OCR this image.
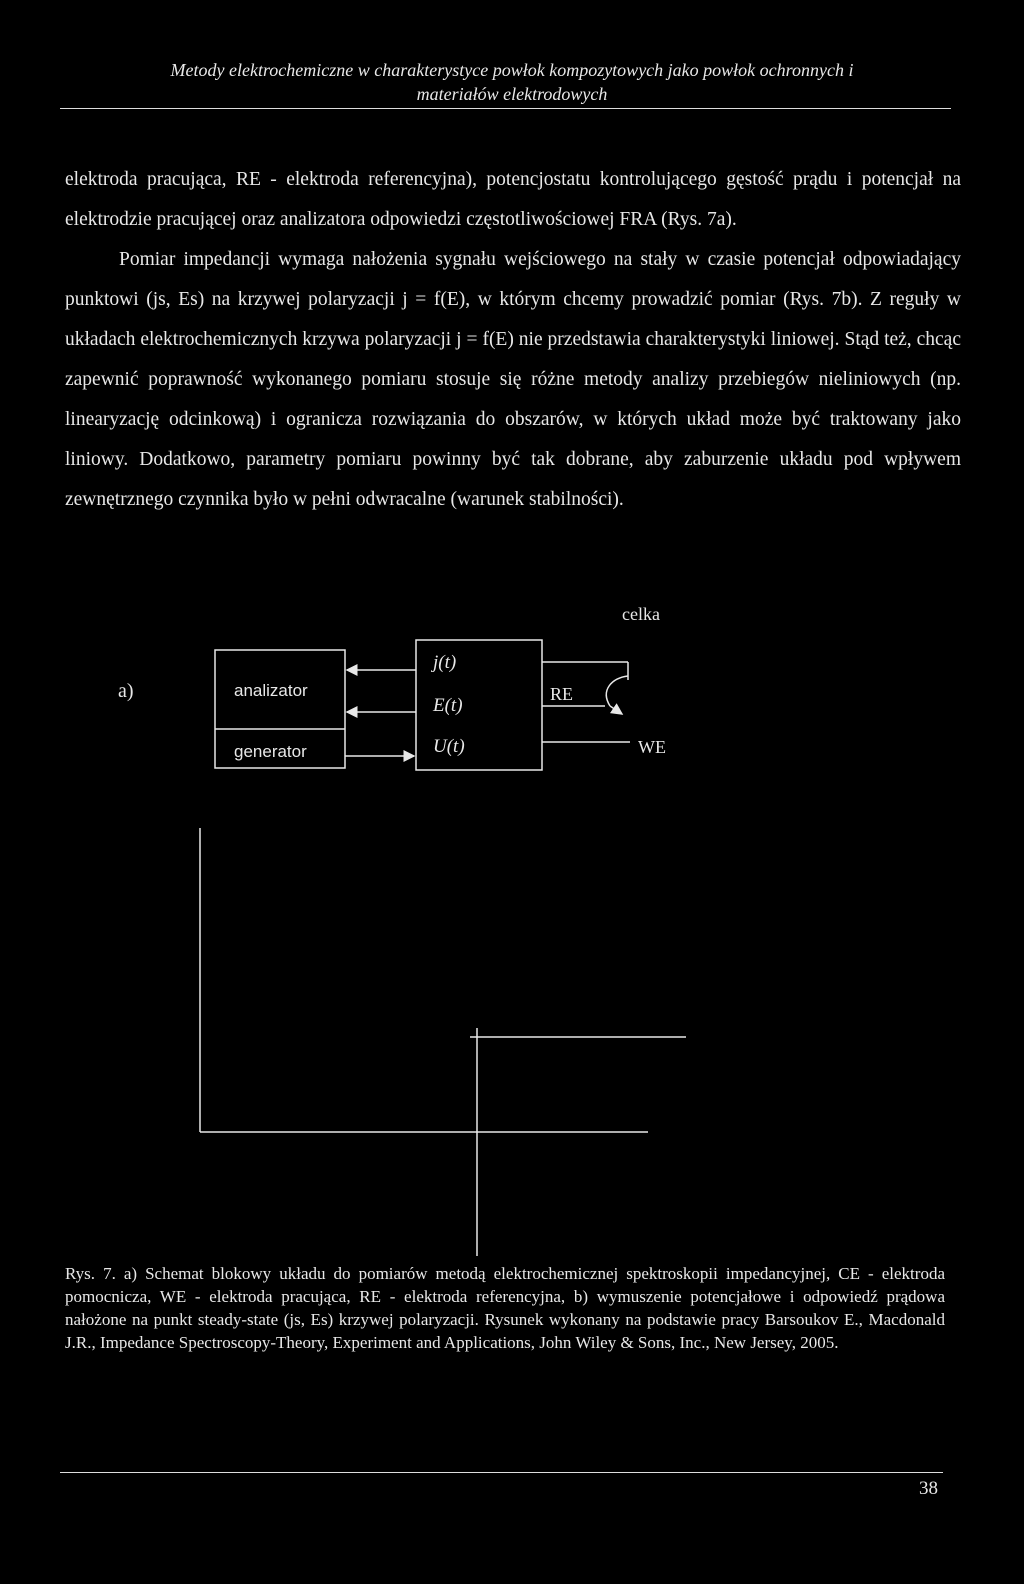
Metody elektrochemiczne w charakterystyce powłok kompozytowych jako powłok ochronnych i
materiałów elektrodowych

elektroda pracująca, RE - elektroda referencyjna), potencjostatu kontrolującego gęstość prądu i potencjał na elektrodzie pracującej oraz analizatora odpowiedzi częstotliwościowej FRA (Rys. 7a).

Pomiar impedancji wymaga nałożenia sygnału wejściowego na stały w czasie potencjał odpowiadający punktowi (js, Es) na krzywej polaryzacji j = f(E), w którym chcemy prowadzić pomiar (Rys. 7b). Z reguły w układach elektrochemicznych krzywa polaryzacji j = f(E) nie przedstawia charakterystyki liniowej. Stąd też, chcąc zapewnić poprawność wykonanego pomiaru stosuje się różne metody analizy przebiegów nieliniowych (np. linearyzację odcinkową) i ogranicza rozwiązania do obszarów, w których układ może być traktowany jako liniowy. Dodatkowo, parametry pomiaru powinny być tak dobrane, aby zaburzenie układu pod wpływem zewnętrznego czynnika było w pełni odwracalne (warunek stabilności).

a)
celka
analizator
generator
j(t)
E(t)
U(t)
RE
WE
Rys. 7. a) Schemat blokowy układu do pomiarów metodą elektrochemicznej spektroskopii impedancyjnej, CE - elektroda pomocnicza, WE - elektroda pracująca, RE - elektroda referencyjna, b) wymuszenie potencjałowe i odpowiedź prądowa nałożone na punkt steady-state (js, Es) krzywej polaryzacji. Rysunek wykonany na podstawie pracy Barsoukov E., Macdonald J.R., Impedance Spectroscopy-Theory, Experiment and Applications, John Wiley & Sons, Inc., New Jersey, 2005.
38
